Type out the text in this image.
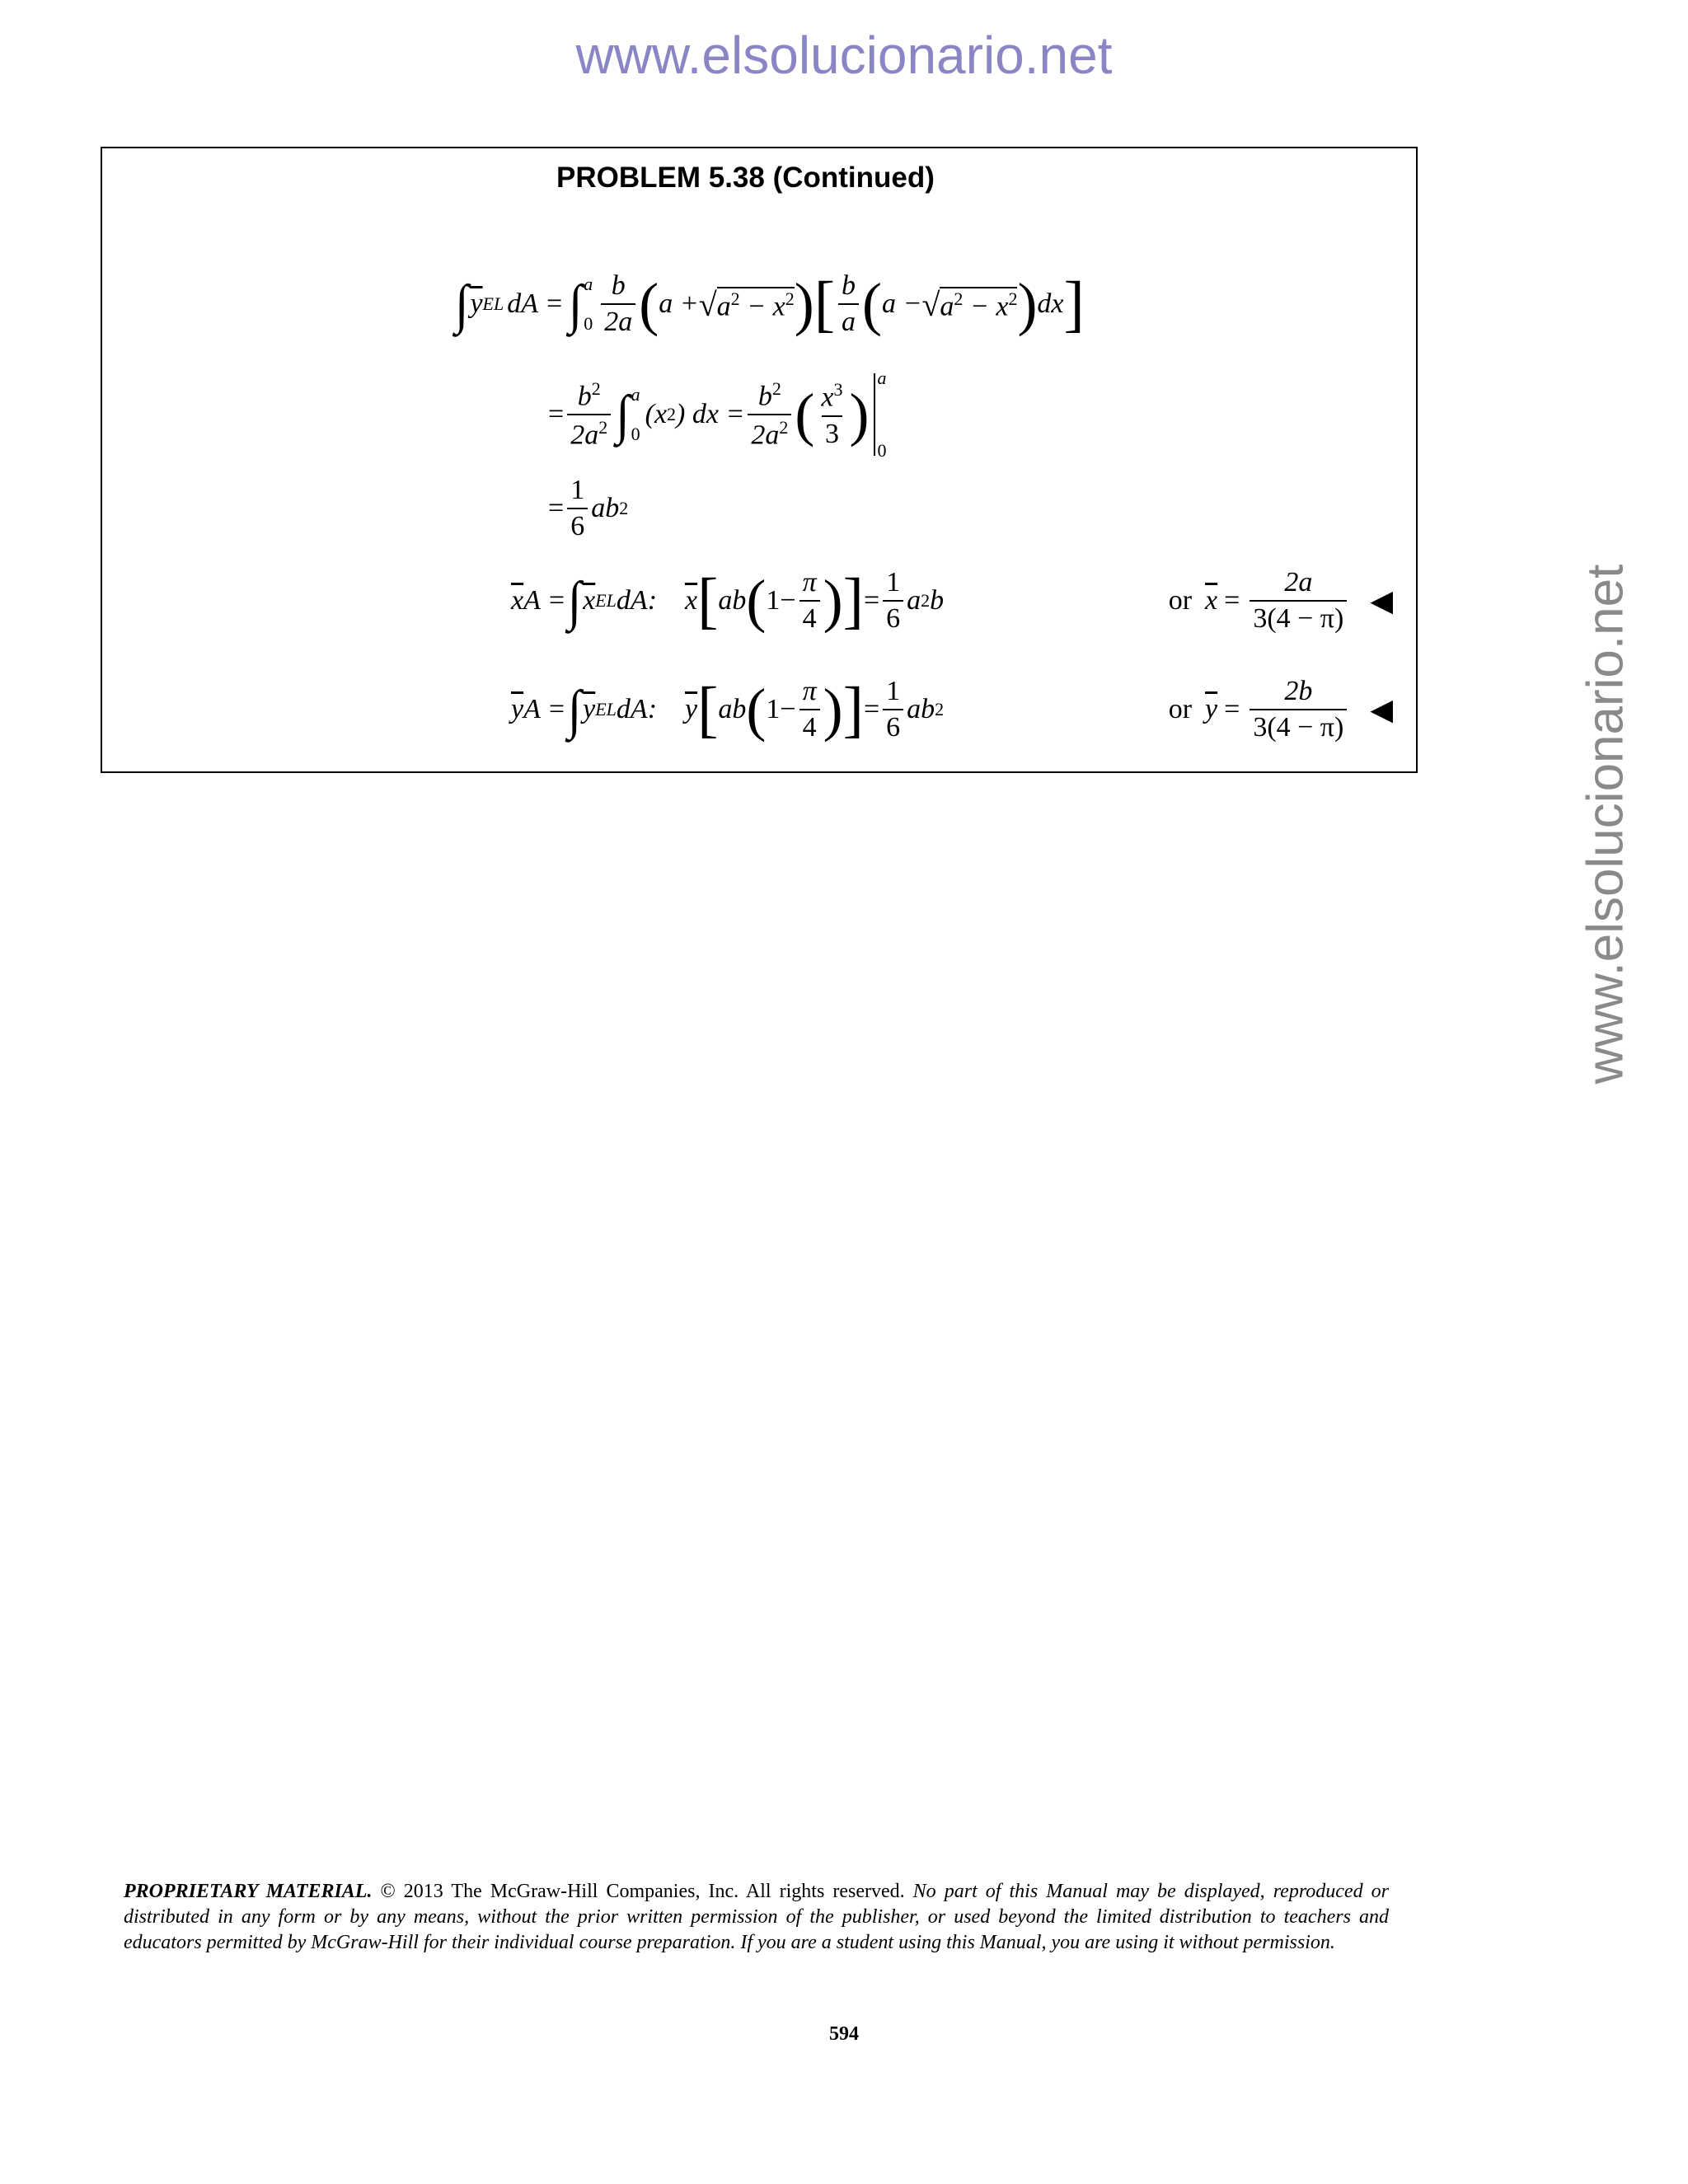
www.elsolucionario.net
www.elsolucionario.net
PROBLEM 5.38 (Continued)
∫ $\overline{y}$ EL dA = ∫ a
$0 \frac{b}{2a}$ ( a + √ $a^2 - x^2$ ) [ $\frac{b}{a}$ ( a − √ $a^2 - x^2$ ) dx ]
= $\frac{b^2}{2a^2}$ ∫ a
0
(x 2 ) dx = $\frac{b^2}{2a^2}$ ( $\frac{x^3}{3}$ )
a
0
= $\frac{1}{6}$ ab 2
$\overline{x}$ A = ∫ $\overline{x}$ EL dA: $\overline{x}$ [ ab ( $1- \frac{\pi}{4}$ ) ] = $\frac{1}{6}$ a 2 b	or $\overline{x} = \frac{2a}{3(4 - \pi)}$ ◀
$\overline{y}$ A = ∫ $\overline{y}$ EL dA: $\overline{y}$ [ ab ( $1- \frac{\pi}{4}$ ) ] = $\frac{1}{6}$ ab 2	or $\overline{y} = \frac{2b}{3(4 - \pi)}$ ◀
PROPRIETARY MATERIAL. © 2013 The McGraw-Hill Companies, Inc. All rights reserved. No part of this Manual may be displayed, reproduced or distributed in any form or by any means, without the prior written permission of the publisher, or used beyond the limited distribution to teachers and educators permitted by McGraw-Hill for their individual course preparation. If you are a student using this Manual, you are using it without permission.
594
